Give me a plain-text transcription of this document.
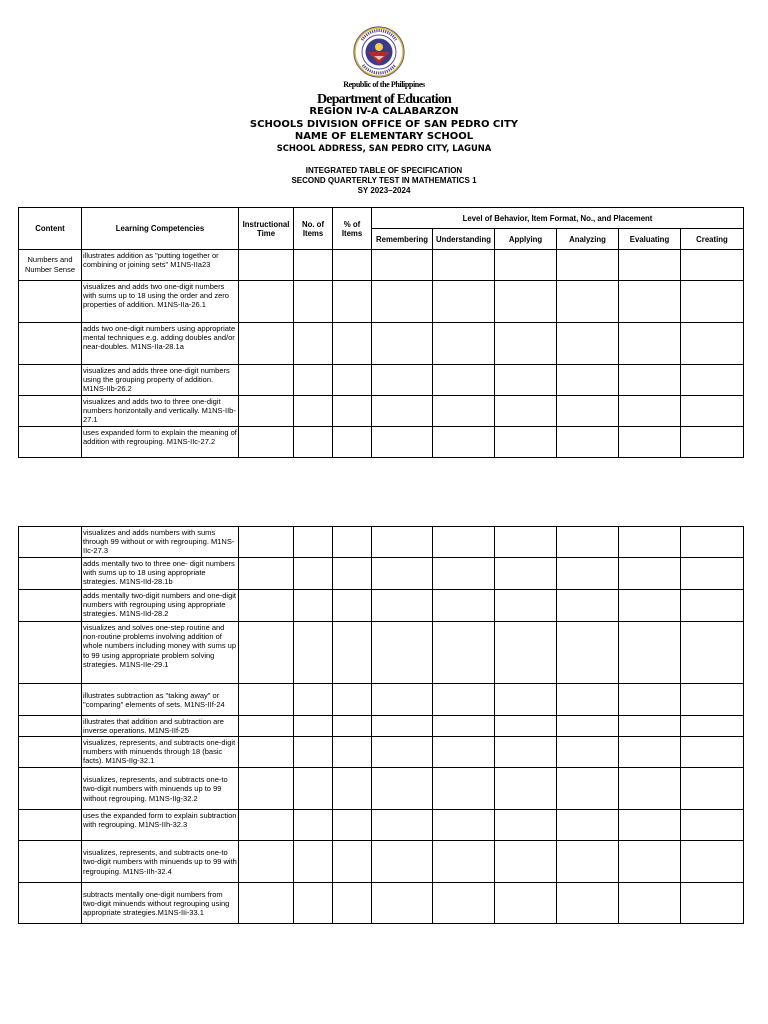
Republic of the Philippines
Department of Education
REGION IV-A CALABARZON
SCHOOLS DIVISION OFFICE OF SAN PEDRO CITY
NAME OF ELEMENTARY SCHOOL
SCHOOL ADDRESS, SAN PEDRO CITY, LAGUNA
INTEGRATED TABLE OF SPECIFICATION
SECOND QUARTERLY TEST IN MATHEMATICS 1
SY 2023–2024
Content	Learning Competencies	Instructional Time	No. of Items	% of Items	Level of Behavior, Item Format, No., and Placement					
					Remembering	Understanding	Applying	Analyzing	Evaluating	Creating
Numbers and Number Sense	illustrates addition as "putting together or combining or joining sets" M1NS-IIa23									
	visualizes and adds two one-digit numbers with sums up to 18 using the order and zero properties of addition. M1NS-IIa-26.1									
	adds two one-digit numbers using appropriate mental techniques e.g. adding doubles and/or near-doubles. M1NS-IIa-28.1a									
	visualizes and adds three one-digit numbers using the grouping property of addition. M1NS-IIb-26.2									
	visualizes and adds two to three one-digit numbers horizontally and vertically. M1NS-IIb-27.1									
	uses expanded form to explain the meaning of addition with regrouping. M1NS-IIc-27.2									
	visualizes and adds numbers with sums through 99 without or with regrouping. M1NS-IIc-27.3									
	adds mentally two to three one- digit numbers with sums up to 18 using appropriate strategies. M1NS-IId-28.1b									
	adds mentally two-digit numbers and one-digit numbers with regrouping using appropriate strategies. M1NS-IId-28.2									
	visualizes and solves one-step routine and non-routine problems involving addition of whole numbers including money with sums up to 99 using appropriate problem solving strategies. M1NS-IIe-29.1									
	illustrates subtraction as "taking away" or "comparing" elements of sets. M1NS-IIf-24									
	illustrates that addition and subtraction are inverse operations. M1NS-IIf-25									
	visualizes, represents, and subtracts one-digit numbers with minuends through 18 (basic facts). M1NS-IIg-32.1									
	visualizes, represents, and subtracts one-to two-digit numbers with minuends up to 99 without regrouping. M1NS-IIg-32.2									
	uses the expanded form to explain subtraction with regrouping. M1NS-IIh-32.3									
	visualizes, represents, and subtracts one-to two-digit numbers with minuends up to 99 with regrouping. M1NS-IIh-32.4									
	subtracts mentally one-digit numbers from two-digit minuends without regrouping using appropriate strategies.M1NS-IIi-33.1									
